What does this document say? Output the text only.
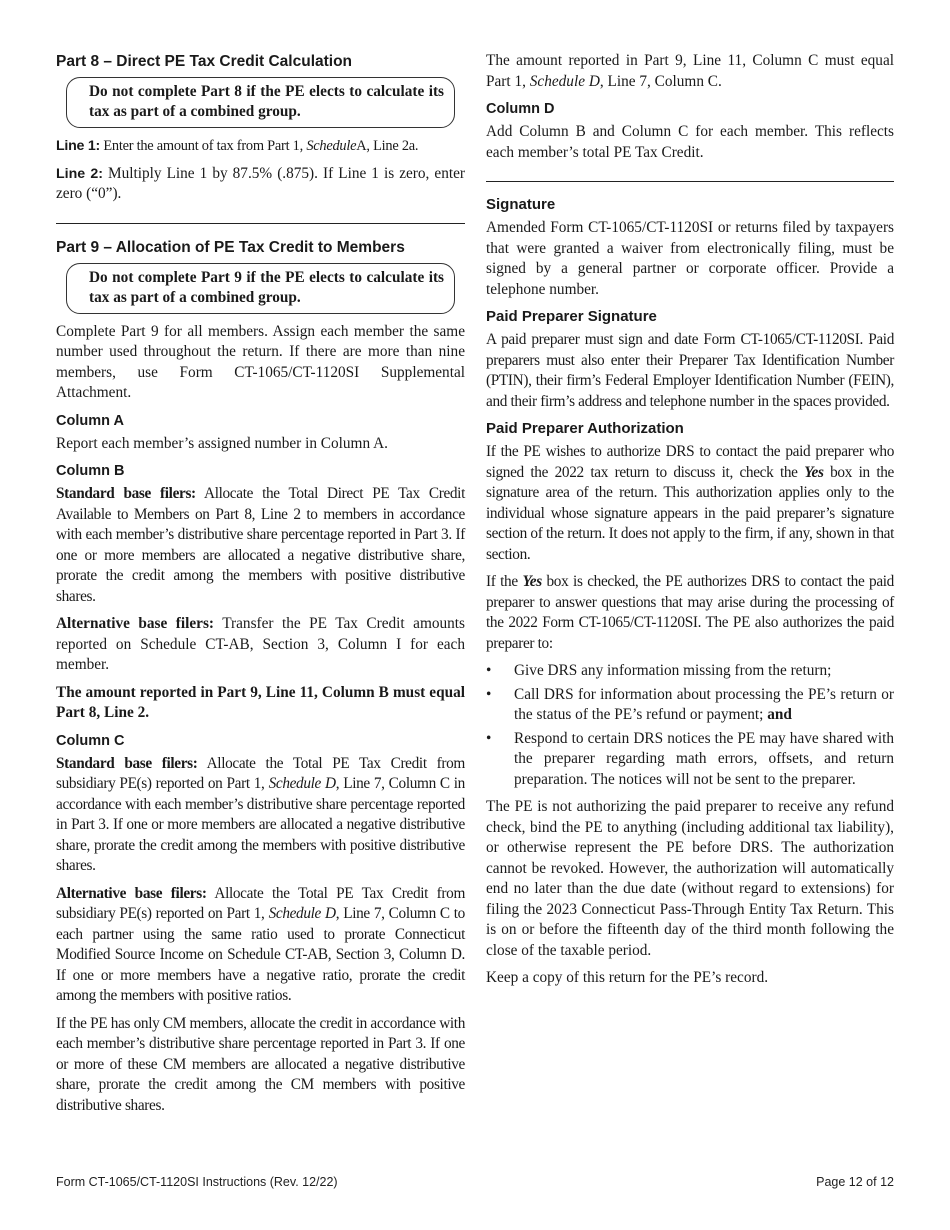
Part 8 – Direct PE Tax Credit Calculation
Do not complete Part 8 if the PE elects to calculate its tax as part of a combined group.

Line 1: Enter the amount of tax from Part 1, ScheduleA, Line 2a.

Line 2: Multiply Line 1 by 87.5% (.875). If Line 1 is zero, enter zero (“0”).

Part 9 – Allocation of PE Tax Credit to Members
Do not complete Part 9 if the PE elects to calculate its tax as part of a combined group.

Complete Part 9 for all members. Assign each member the same number used throughout the return. If there are more than nine members, use Form CT-1065/CT-1120SI Supplemental Attachment.

Column A

Report each member’s assigned number in Column A.

Column B

Standard base filers: Allocate the Total Direct PE Tax Credit Available to Members on Part 8, Line 2 to members in accordance with each member’s distributive share percentage reported in Part 3. If one or more members are allocated a negative distributive share, prorate the credit among the members with positive distributive shares.

Alternative base filers: Transfer the PE Tax Credit amounts reported on Schedule CT-AB, Section 3, Column I for each member.

The amount reported in Part 9, Line 11, Column B must equal Part 8, Line 2.

Column C

Standard base filers: Allocate the Total PE Tax Credit from subsidiary PE(s) reported on Part 1, Schedule D, Line 7, Column C in accordance with each member’s distributive share percentage reported in Part 3. If one or more members are allocated a negative distributive share, prorate the credit among the members with positive distributive shares.

Alternative base filers: Allocate the Total PE Tax Credit from subsidiary PE(s) reported on Part 1, Schedule D, Line 7, Column C to each partner using the same ratio used to prorate Connecticut Modified Source Income on Schedule CT-AB, Section 3, Column D. If one or more members have a negative ratio, prorate the credit among the members with positive ratios.

If the PE has only CM members, allocate the credit in accordance with each member’s distributive share percentage reported in Part 3. If one or more of these CM members are allocated a negative distributive share, prorate the credit among the CM members with positive distributive shares.

The amount reported in Part 9, Line 11, Column C must equal Part 1, Schedule D, Line 7, Column C.

Column D

Add Column B and Column C for each member. This reflects each member’s total PE Tax Credit.

Signature

Amended Form CT-1065/CT-1120SI or returns filed by taxpayers that were granted a waiver from electronically filing, must be signed by a general partner or corporate officer. Provide a telephone number.

Paid Preparer Signature

A paid preparer must sign and date Form CT-1065/CT-1120SI. Paid preparers must also enter their Preparer Tax Identification Number (PTIN), their firm’s Federal Employer Identification Number (FEIN), and their firm’s address and telephone number in the spaces provided.

Paid Preparer Authorization

If the PE wishes to authorize DRS to contact the paid preparer who signed the 2022 tax return to discuss it, check the Yes box in the signature area of the return. This authorization applies only to the individual whose signature appears in the paid preparer’s signature section of the return. It does not apply to the firm, if any, shown in that section.

If the Yes box is checked, the PE authorizes DRS to contact the paid preparer to answer questions that may arise during the processing of the 2022 Form CT-1065/CT-1120SI. The PE also authorizes the paid preparer to:

• Give DRS any information missing from the return;
• Call DRS for information about processing the PE’s return or the status of the PE’s refund or payment; and
• Respond to certain DRS notices the PE may have shared with the preparer regarding math errors, offsets, and return preparation. The notices will not be sent to the preparer.

The PE is not authorizing the paid preparer to receive any refund check, bind the PE to anything (including additional tax liability), or otherwise represent the PE before DRS. The authorization cannot be revoked. However, the authorization will automatically end no later than the due date (without regard to extensions) for filing the 2023 Connecticut Pass-Through Entity Tax Return. This is on or before the fifteenth day of the third month following the close of the taxable period.

Keep a copy of this return for the PE’s record.

Form CT-1065/CT-1120SI Instructions (Rev. 12/22)	Page 12 of 12
